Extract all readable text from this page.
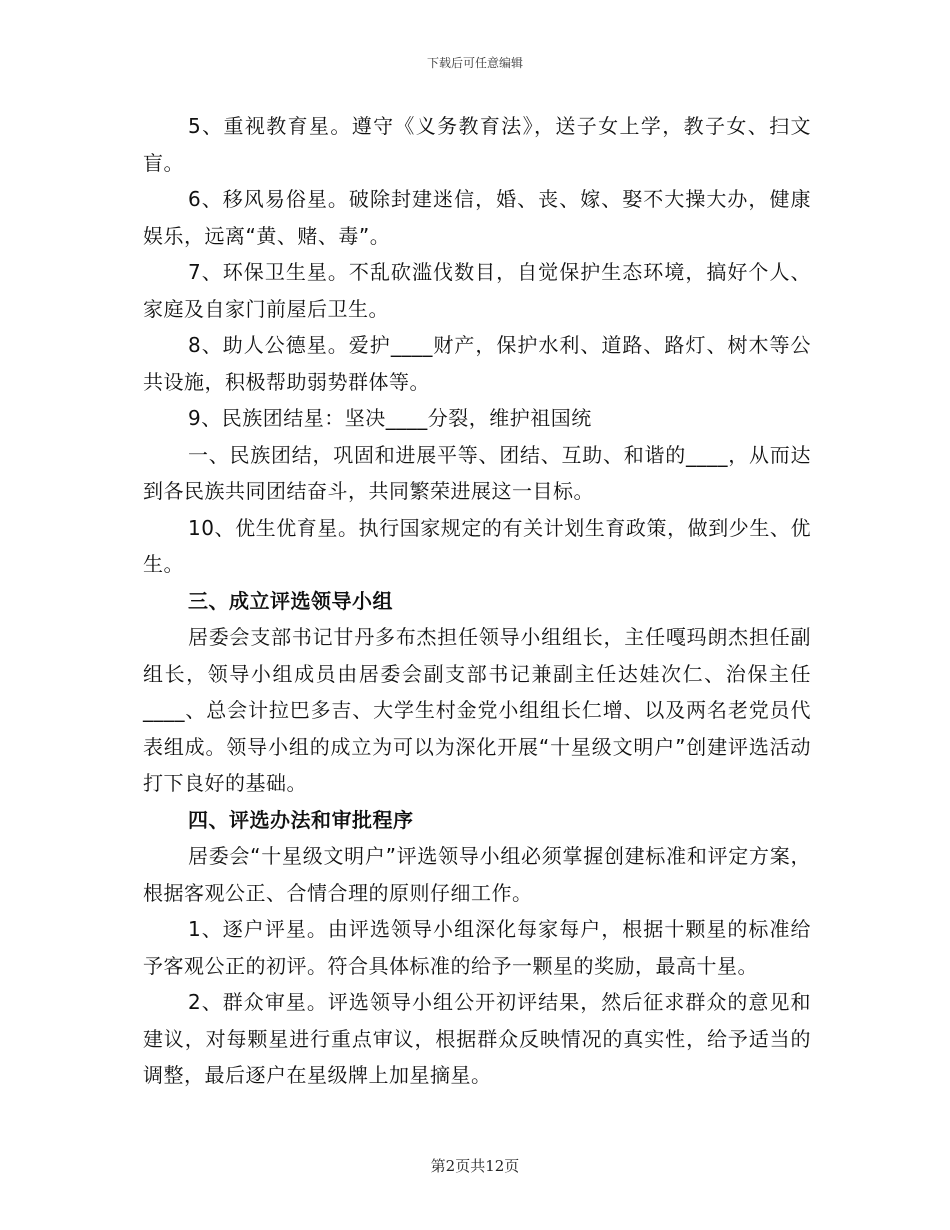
下载后可任意编辑

5、重视教育星。遵守《义务教育法》，送子女上学，教子女、扫文盲。

6、移风易俗星。破除封建迷信，婚、丧、嫁、娶不大操大办，健康娱乐，远离“黄、赌、毒”。

7、环保卫生星。不乱砍滥伐数目，自觉保护生态环境，搞好个人、家庭及自家门前屋后卫生。

8、助人公德星。爱护____财产，保护水利、道路、路灯、树木等公共设施，积极帮助弱势群体等。

9、民族团结星：坚决____分裂，维护祖国统

一、民族团结，巩固和进展平等、团结、互助、和谐的____，从而达到各民族共同团结奋斗，共同繁荣进展这一目标。

10、优生优育星。执行国家规定的有关计划生育政策，做到少生、优生。

三、成立评选领导小组

居委会支部书记甘丹多布杰担任领导小组组长，主任嘎玛朗杰担任副组长，领导小组成员由居委会副支部书记兼副主任达娃次仁、治保主任____、总会计拉巴多吉、大学生村金党小组组长仁增、以及两名老党员代表组成。领导小组的成立为可以为深化开展“十星级文明户”创建评选活动打下良好的基础。

四、评选办法和审批程序

居委会“十星级文明户”评选领导小组必须掌握创建标准和评定方案，根据客观公正、合情合理的原则仔细工作。

1、逐户评星。由评选领导小组深化每家每户，根据十颗星的标准给予客观公正的初评。符合具体标准的给予一颗星的奖励，最高十星。

2、群众审星。评选领导小组公开初评结果，然后征求群众的意见和建议，对每颗星进行重点审议，根据群众反映情况的真实性，给予适当的调整，最后逐户在星级牌上加星摘星。

第2页共12页
